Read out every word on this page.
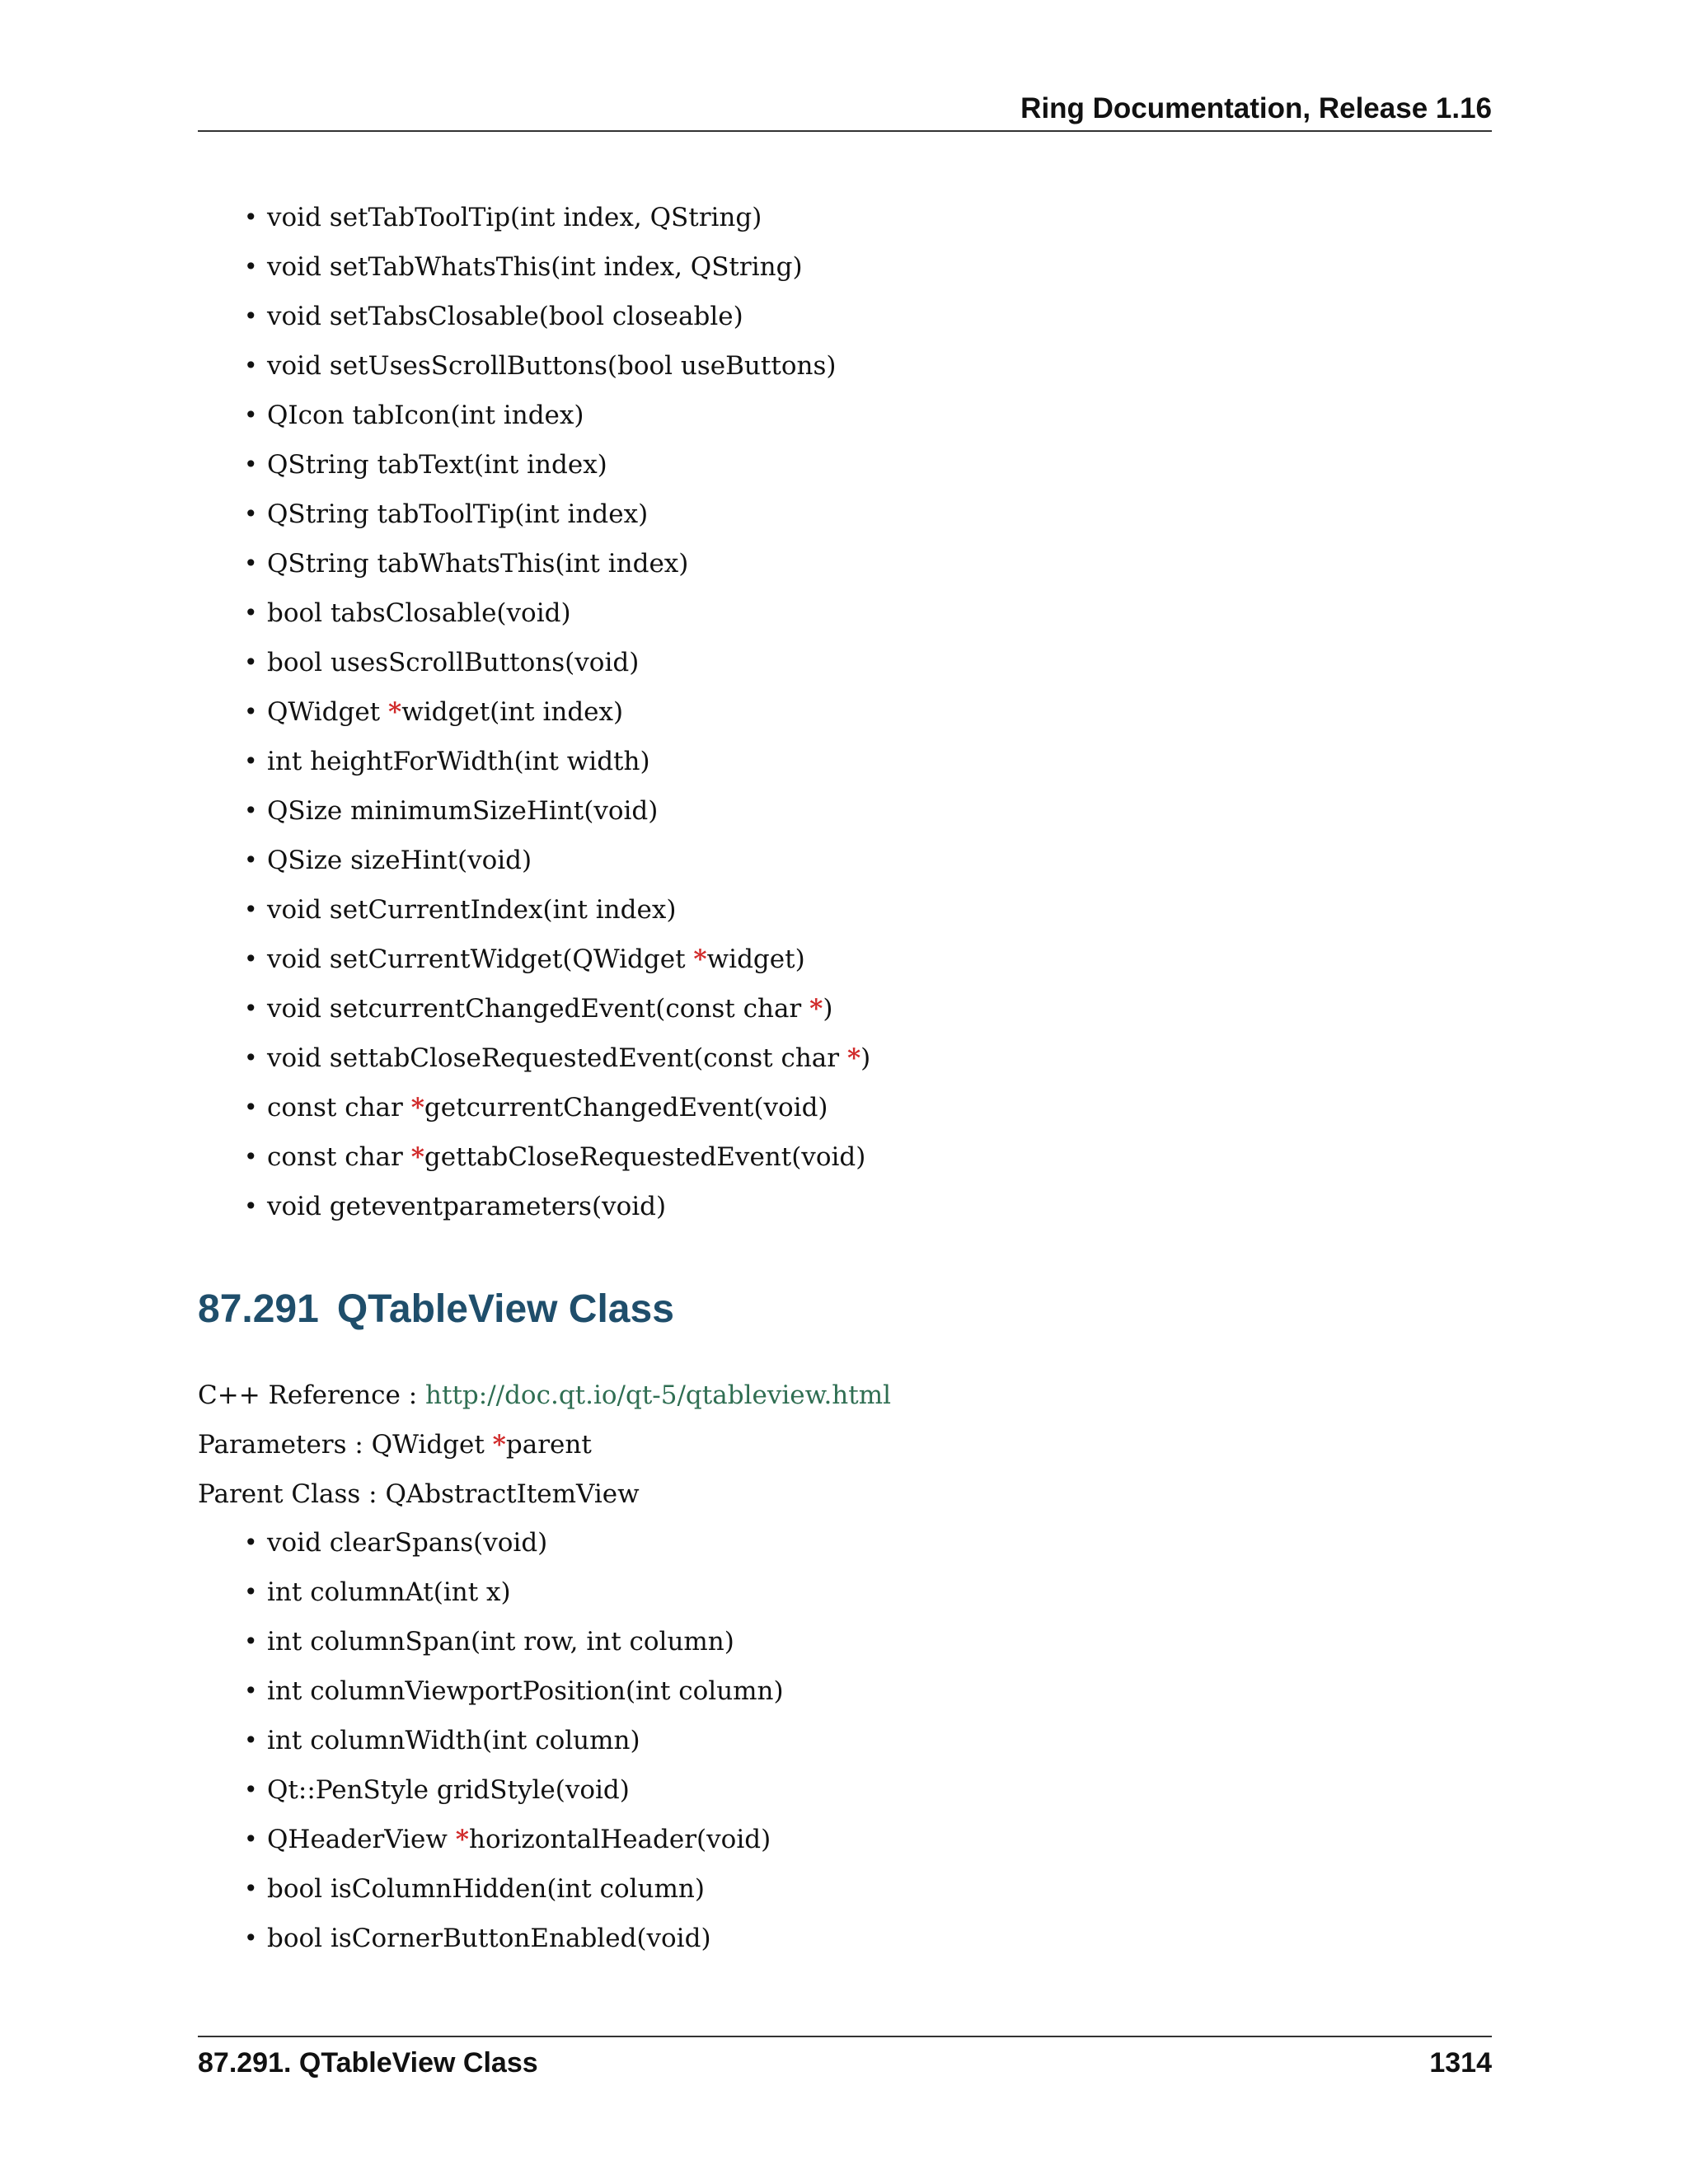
Ring Documentation, Release 1.16
• void setTabToolTip(int index, QString)
• void setTabWhatsThis(int index, QString)
• void setTabsClosable(bool closeable)
• void setUsesScrollButtons(bool useButtons)
• QIcon tabIcon(int index)
• QString tabText(int index)
• QString tabToolTip(int index)
• QString tabWhatsThis(int index)
• bool tabsClosable(void)
• bool usesScrollButtons(void)
• QWidget *widget(int index)
• int heightForWidth(int width)
• QSize minimumSizeHint(void)
• QSize sizeHint(void)
• void setCurrentIndex(int index)
• void setCurrentWidget(QWidget *widget)
• void setcurrentChangedEvent(const char *)
• void settabCloseRequestedEvent(const char *)
• const char *getcurrentChangedEvent(void)
• const char *gettabCloseRequestedEvent(void)
• void geteventparameters(void)
87.291 QTableView Class
C++ Reference : http://doc.qt.io/qt-5/qtableview.html
Parameters : QWidget *parent
Parent Class : QAbstractItemView
• void clearSpans(void)
• int columnAt(int x)
• int columnSpan(int row, int column)
• int columnViewportPosition(int column)
• int columnWidth(int column)
• Qt::PenStyle gridStyle(void)
• QHeaderView *horizontalHeader(void)
• bool isColumnHidden(int column)
• bool isCornerButtonEnabled(void)
87.291. QTableView Class	1314
